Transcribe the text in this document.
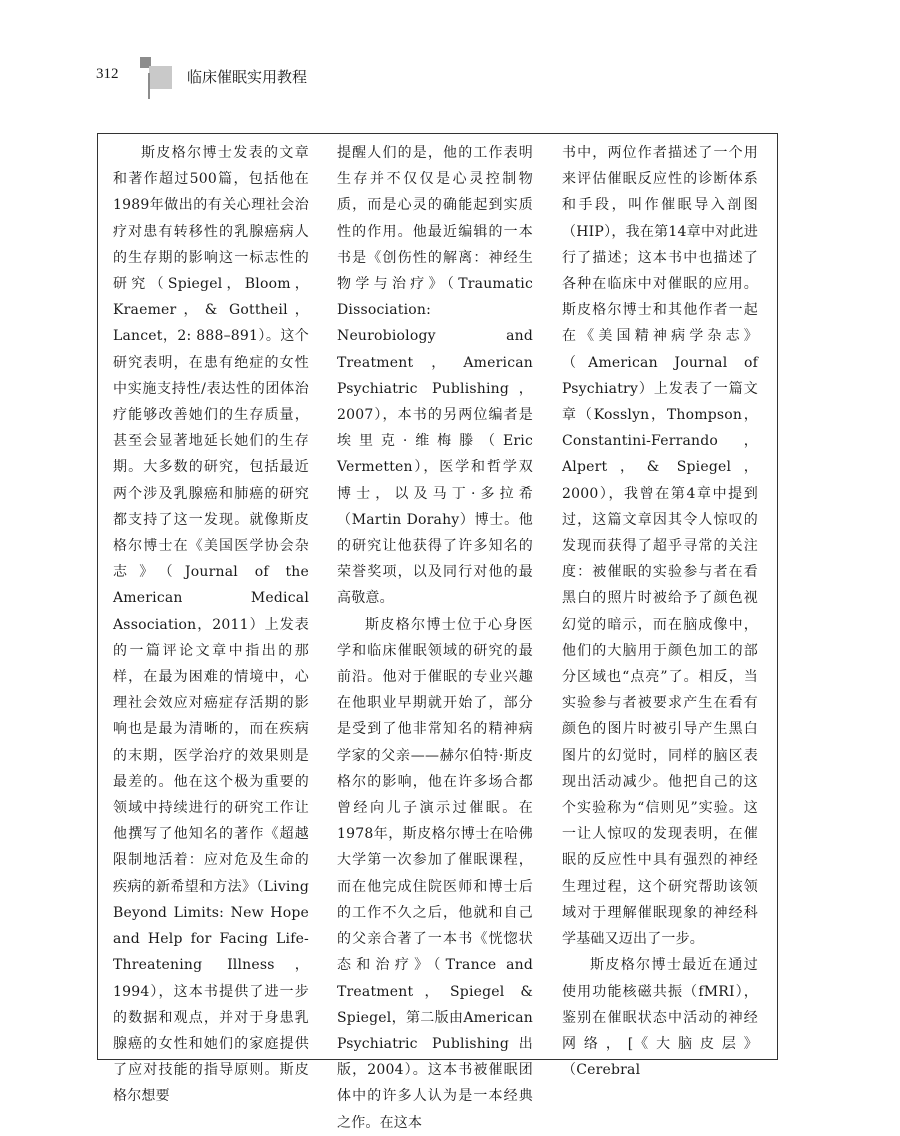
312	临床催眠实用教程

斯皮格尔博士发表的文章和著作超过500篇，包括他在1989年做出的有关心理社会治疗对患有转移性的乳腺癌病人的生存期的影响这一标志性的研究（Spiegel，Bloom，Kraemer，& Gottheil，Lancet，2: 888–891）。这个研究表明，在患有绝症的女性中实施支持性/表达性的团体治疗能够改善她们的生存质量，甚至会显著地延长她们的生存期。大多数的研究，包括最近两个涉及乳腺癌和肺癌的研究都支持了这一发现。就像斯皮格尔博士在《美国医学协会杂志》（Journal of the American Medical Association，2011）上发表的一篇评论文章中指出的那样，在最为困难的情境中，心理社会效应对癌症存活期的影响也是最为清晰的，而在疾病的末期，医学治疗的效果则是最差的。他在这个极为重要的领域中持续进行的研究工作让他撰写了他知名的著作《超越限制地活着：应对危及生命的疾病的新希望和方法》（Living Beyond Limits: New Hope and Help for Facing Life-Threatening Illness，1994），这本书提供了进一步的数据和观点，并对于身患乳腺癌的女性和她们的家庭提供了应对技能的指导原则。斯皮格尔想要

提醒人们的是，他的工作表明生存并不仅仅是心灵控制物质，而是心灵的确能起到实质性的作用。他最近编辑的一本书是《创伤性的解离：神经生物学与治疗》（Traumatic Dissociation: Neurobiology and Treatment，American Psychiatric Publishing，2007），本书的另两位编者是埃里克·维梅滕（Eric Vermetten），医学和哲学双博士，以及马丁·多拉希（Martin Dorahy）博士。他的研究让他获得了许多知名的荣誉奖项，以及同行对他的最高敬意。

斯皮格尔博士位于心身医学和临床催眠领域的研究的最前沿。他对于催眠的专业兴趣在他职业早期就开始了，部分是受到了他非常知名的精神病学家的父亲——赫尔伯特·斯皮格尔的影响，他在许多场合都曾经向儿子演示过催眠。在1978年，斯皮格尔博士在哈佛大学第一次参加了催眠课程，而在他完成住院医师和博士后的工作不久之后，他就和自己的父亲合著了一本书《恍惚状态和治疗》（Trance and Treatment，Spiegel & Spiegel，第二版由American Psychiatric Publishing出版，2004）。这本书被催眠团体中的许多人认为是一本经典之作。在这本

书中，两位作者描述了一个用来评估催眠反应性的诊断体系和手段，叫作催眠导入剖图（HIP），我在第14章中对此进行了描述；这本书中也描述了各种在临床中对催眠的应用。斯皮格尔博士和其他作者一起在《美国精神病学杂志》（American Journal of Psychiatry）上发表了一篇文章（Kosslyn，Thompson，Constantini-Ferrando，Alpert，& Spiegel，2000），我曾在第4章中提到过，这篇文章因其令人惊叹的发现而获得了超乎寻常的关注度：被催眠的实验参与者在看黑白的照片时被给予了颜色视幻觉的暗示，而在脑成像中，他们的大脑用于颜色加工的部分区域也“点亮”了。相反，当实验参与者被要求产生在看有颜色的图片时被引导产生黑白图片的幻觉时，同样的脑区表现出活动减少。他把自己的这个实验称为“信则见”实验。这一让人惊叹的发现表明，在催眠的反应性中具有强烈的神经生理过程，这个研究帮助该领域对于理解催眠现象的神经科学基础又迈出了一步。

斯皮格尔博士最近在通过使用功能核磁共振（fMRI），鉴别在催眠状态中活动的神经网络，[《大脑皮层》（Cerebral
